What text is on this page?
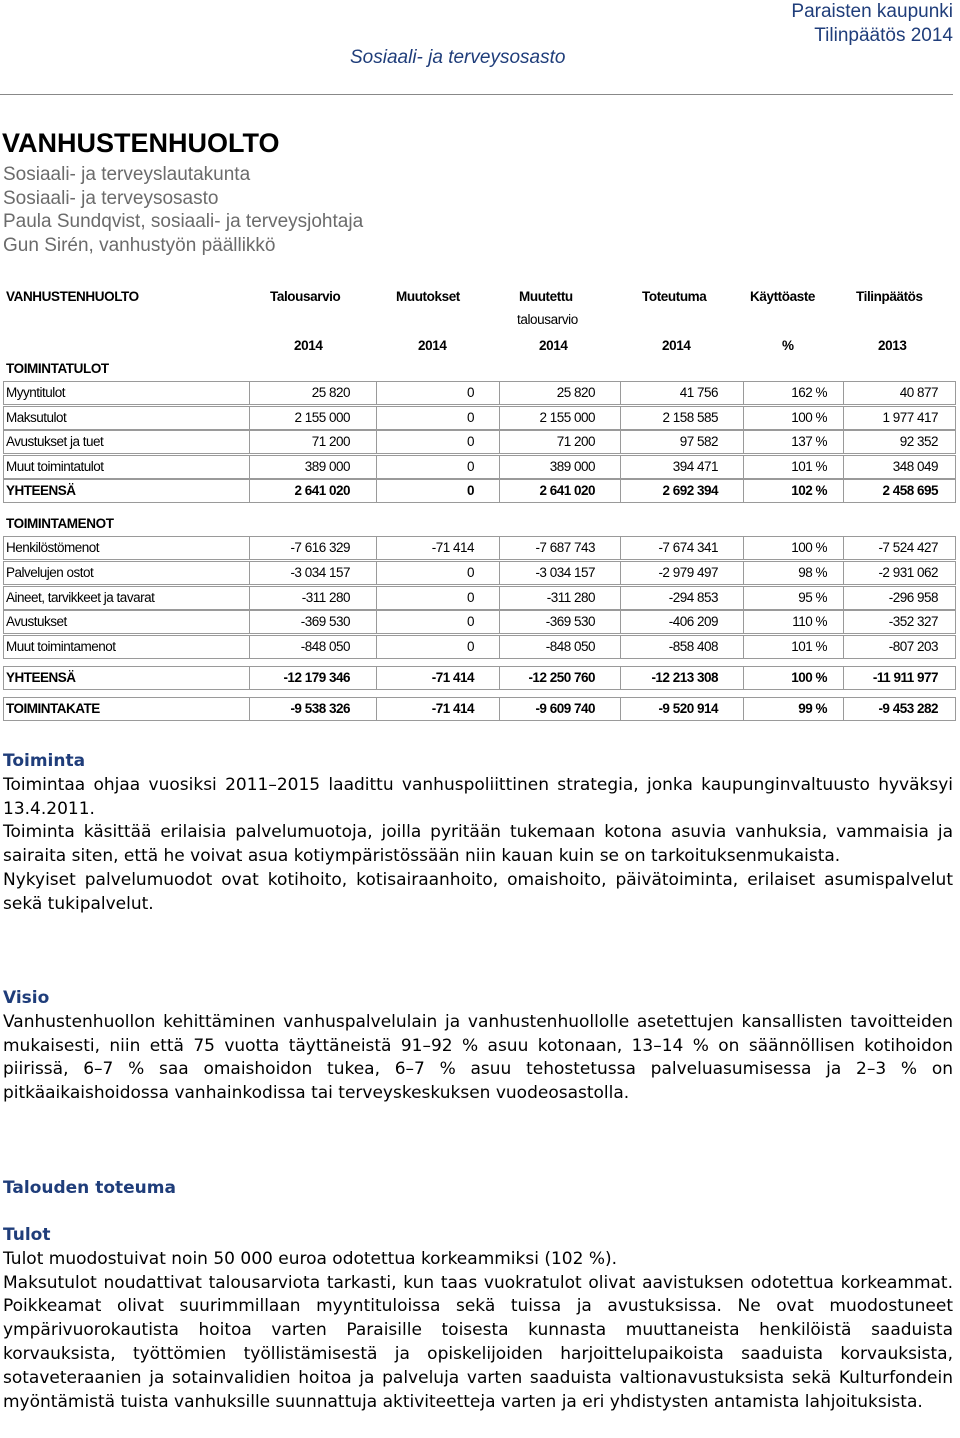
Sosiaali- ja terveysosasto
Paraisten kaupunki
Tilinpäätös 2014
VANHUSTENHUOLTO
Sosiaali- ja terveyslautakunta
Sosiaali- ja terveysosasto
Paula Sundqvist, sosiaali- ja terveysjohtaja
Gun Sirén, vanhustyön päällikkö
VANHUSTENHUOLTO	Talousarvio	Muutokset	Muutettu
talousarvio
Toteutuma	Käyttöaste	Tilinpäätös
2014	2014	2014	2014	%	2013
TOIMINTATULOT
TOIMINTAMENOT
Myyntitulot	25 820	0	25 820	41 756	162 %	40 877
Maksutulot	2 155 000	0	2 155 000	2 158 585	100 %	1 977 417
Avustukset ja tuet	71 200	0	71 200	97 582	137 %	92 352
Muut toimintatulot	389 000	0	389 000	394 471	101 %	348 049
YHTEENSÄ	2 641 020	0	2 641 020	2 692 394	102 %	2 458 695
Henkilöstömenot	-7 616 329	-71 414	-7 687 743	-7 674 341	100 %	-7 524 427
Palvelujen ostot	-3 034 157	0	-3 034 157	-2 979 497	98 %	-2 931 062
Aineet, tarvikkeet ja tavarat	-311 280	0	-311 280	-294 853	95 %	-296 958
Avustukset	-369 530	0	-369 530	-406 209	110 %	-352 327
Muut toimintamenot	-848 050	0	-848 050	-858 408	101 %	-807 203
YHTEENSÄ	-12 179 346	-71 414	-12 250 760	-12 213 308	100 %	-11 911 977
TOIMINTAKATE	-9 538 326	-71 414	-9 609 740	-9 520 914	99 %	-9 453 282
Toiminta

Toimintaa ohjaa vuosiksi 2011–2015 laadittu vanhuspoliittinen strategia, jonka kaupunginvaltuusto hyväksyi 13.4.2011.

Toiminta käsittää erilaisia palvelumuotoja, joilla pyritään tukemaan kotona asuvia vanhuksia, vammaisia ja sairaita siten, että he voivat asua kotiympäristössään niin kauan kuin se on tarkoituksenmukaista.

Nykyiset palvelumuodot ovat kotihoito, kotisairaanhoito, omaishoito, päivätoiminta, erilaiset asumispalvelut sekä tukipalvelut.

Visio

Vanhustenhuollon kehittäminen vanhuspalvelulain ja vanhustenhuollolle asetettujen kansallisten tavoitteiden mukaisesti, niin että 75 vuotta täyttäneistä 91–92 % asuu kotonaan, 13–14 % on säännöllisen kotihoidon piirissä, 6–7 % saa omaishoidon tukea, 6–7 % asuu tehostetussa palveluasumisessa ja 2–3 % on pitkäaikaishoidossa vanhainkodissa tai terveyskeskuksen vuodeosastolla.

Talouden toteuma
Tulot

Tulot muodostuivat noin 50 000 euroa odotettua korkeammiksi (102 %).

Maksutulot noudattivat talousarviota tarkasti, kun taas vuokratulot olivat aavistuksen odotettua korkeammat. Poikkeamat olivat suurimmillaan myyntituloissa sekä tuissa ja avustuksissa. Ne ovat muodostuneet ympärivuorokautista hoitoa varten Paraisille toisesta kunnasta muuttaneista henkilöistä saaduista korvauksista, työttömien työllistämisestä ja opiskelijoiden harjoittelupaikoista saaduista korvauksista, sotaveteraanien ja sotainvalidien hoitoa ja palveluja varten saaduista valtionavustuksista sekä Kulturfondein myöntämistä tuista vanhuksille suunnattuja aktiviteetteja varten ja eri yhdistysten antamista lahjoituksista.
